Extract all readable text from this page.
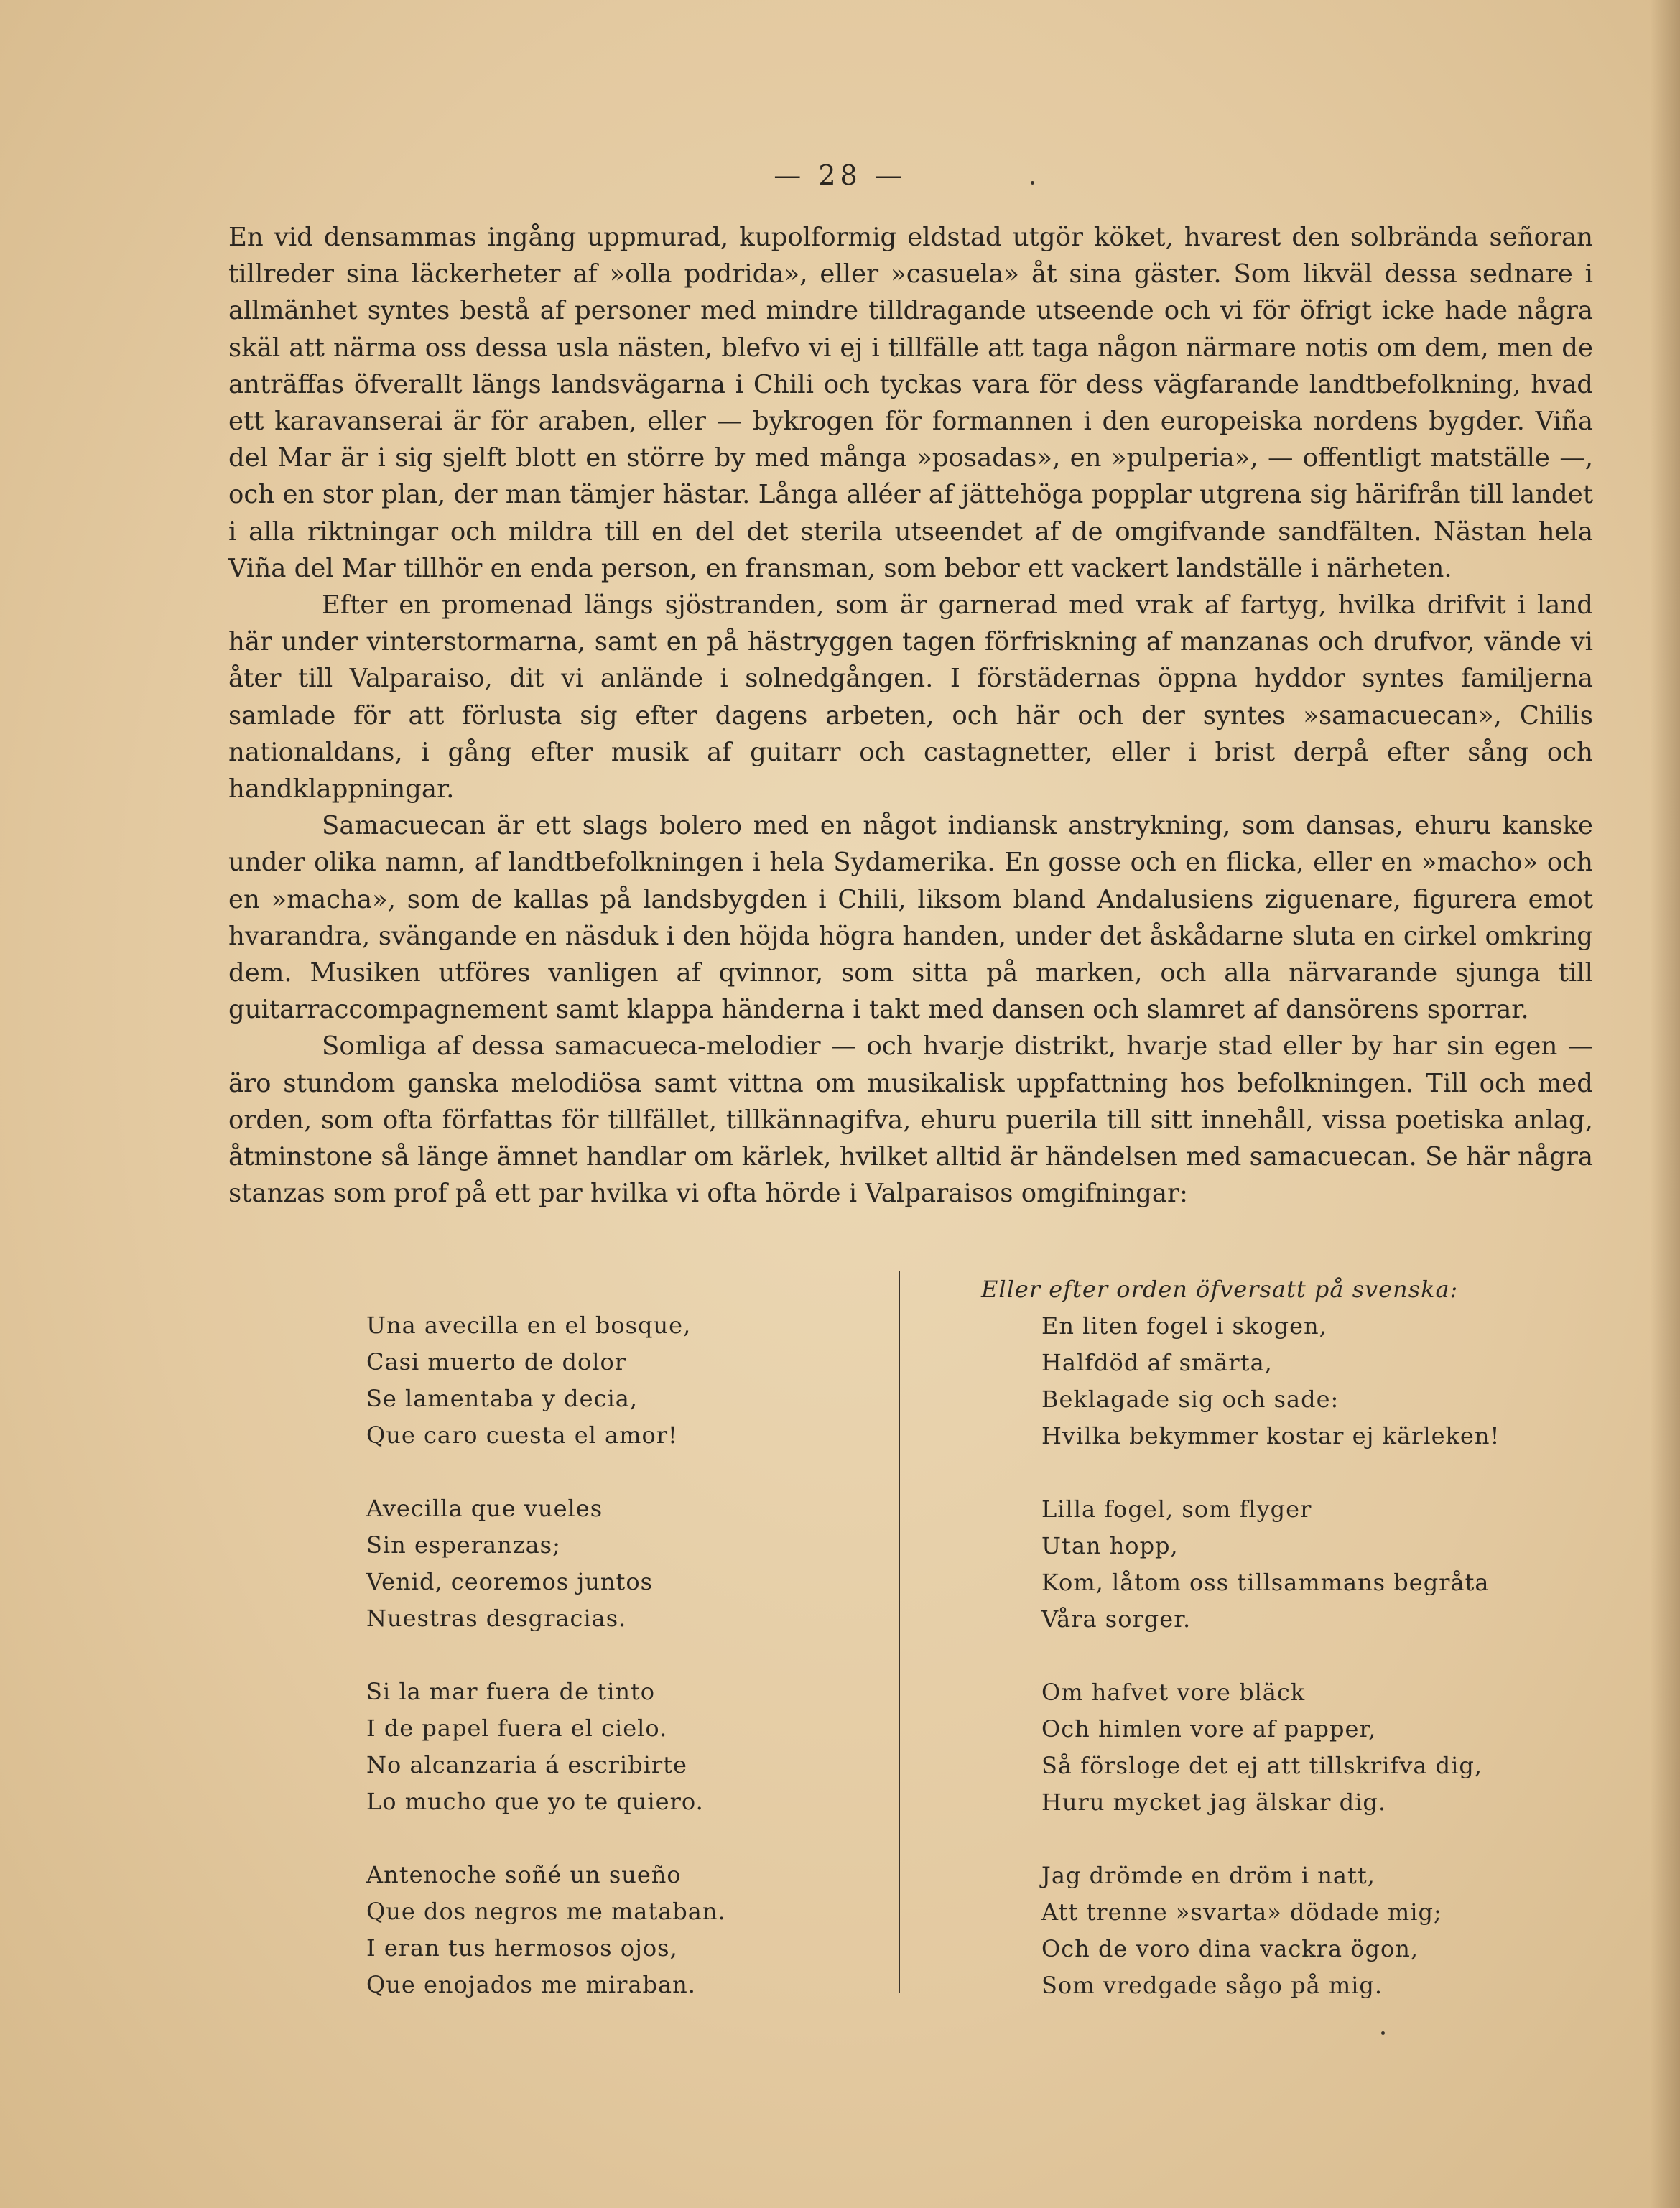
— 28 —

En vid densammas ingång uppmurad, kupolformig eldstad utgör köket, hvarest den solbrända señoran tillreder sina läckerheter af »olla podrida», eller »casuela» åt sina gäster. Som likväl dessa sednare i allmänhet syntes bestå af personer med mindre tilldragande utseende och vi för öfrigt icke hade några skäl att närma oss dessa usla nästen, blefvo vi ej i tillfälle att taga någon närmare notis om dem, men de anträffas öfverallt längs landsvägarna i Chili och tyckas vara för dess vägfarande landtbefolkning, hvad ett karavanserai är för araben, eller — bykrogen för formannen i den europeiska nordens bygder. Viña del Mar är i sig sjelft blott en större by med många »posadas», en »pulperia», — offentligt matställe —, och en stor plan, der man tämjer hästar. Långa alléer af jättehöga popplar utgrena sig härifrån till landet i alla riktningar och mildra till en del det sterila utseendet af de omgifvande sandfälten. Nästan hela Viña del Mar tillhör en enda person, en fransman, som bebor ett vackert landställe i närheten.

Efter en promenad längs sjöstranden, som är garnerad med vrak af fartyg, hvilka drifvit i land här under vinterstormarna, samt en på hästryggen tagen förfriskning af manzanas och drufvor, vände vi åter till Valparaiso, dit vi anlände i solnedgången. I förstädernas öppna hyddor syntes familjerna samlade för att förlusta sig efter dagens arbeten, och här och der syntes »samacuecan», Chilis nationaldans, i gång efter musik af guitarr och castagnetter, eller i brist derpå efter sång och handklappningar.

Samacuecan är ett slags bolero med en något indiansk anstrykning, som dansas, ehuru kanske under olika namn, af landtbefolkningen i hela Sydamerika. En gosse och en flicka, eller en »macho» och en »macha», som de kallas på landsbygden i Chili, liksom bland Andalusiens ziguenare, figurera emot hvarandra, svängande en näsduk i den höjda högra handen, under det åskådarne sluta en cirkel omkring dem. Musiken utföres vanligen af qvinnor, som sitta på marken, och alla närvarande sjunga till guitarraccompagnement samt klappa händerna i takt med dansen och slamret af dansörens sporrar.

Somliga af dessa samacueca-melodier — och hvarje distrikt, hvarje stad eller by har sin egen — äro stundom ganska melodiösa samt vittna om musikalisk uppfattning hos befolkningen. Till och med orden, som ofta författas för tillfället, tillkännagifva, ehuru puerila till sitt innehåll, vissa poetiska anlag, åtminstone så länge ämnet handlar om kärlek, hvilket alltid är händelsen med samacuecan. Se här några stanzas som prof på ett par hvilka vi ofta hörde i Valparaisos omgifningar:

Una avecilla en el bosque,
Casi muerto de dolor
Se lamentaba y decia,
Que caro cuesta el amor!
Avecilla que vueles
Sin esperanzas;
Venid, ceoremos juntos
Nuestras desgracias.
Si la mar fuera de tinto
I de papel fuera el cielo.
No alcanzaria á escribirte
Lo mucho que yo te quiero.
Antenoche soñé un sueño
Que dos negros me mataban.
I eran tus hermosos ojos,
Que enojados me miraban.
Eller efter orden öfversatt på svenska:
En liten fogel i skogen,
Halfdöd af smärta,
Beklagade sig och sade:
Hvilka bekymmer kostar ej kärleken!
Lilla fogel, som flyger
Utan hopp,
Kom, låtom oss tillsammans begråta
Våra sorger.
Om hafvet vore bläck
Och himlen vore af papper,
Så försloge det ej att tillskrifva dig,
Huru mycket jag älskar dig.
Jag drömde en dröm i natt,
Att trenne »svarta» dödade mig;
Och de voro dina vackra ögon,
Som vredgade sågo på mig.
